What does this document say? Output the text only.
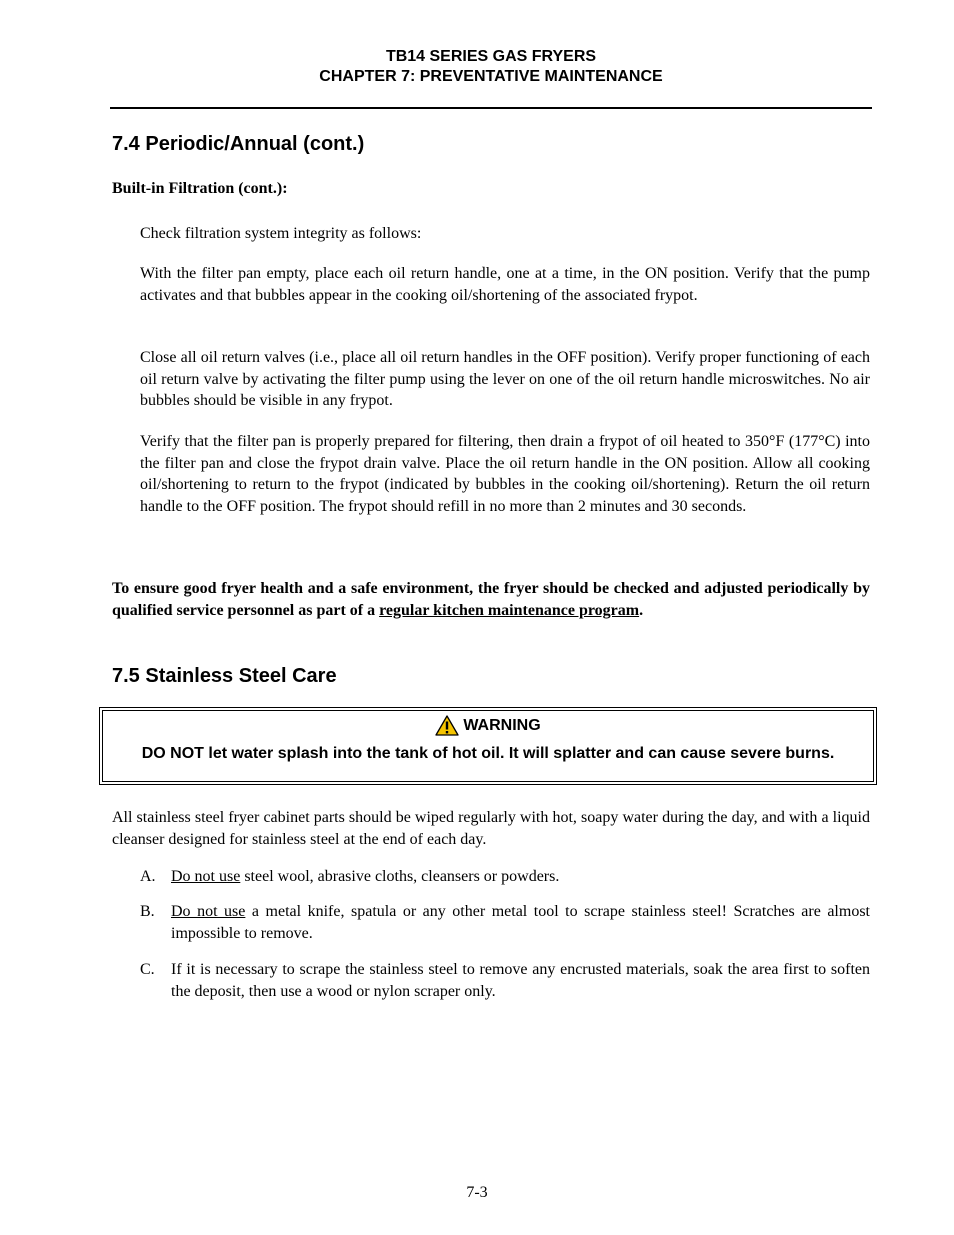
TB14 SERIES GAS FRYERS
CHAPTER 7: PREVENTATIVE MAINTENANCE
7.4 Periodic/Annual (cont.)
Built-in Filtration (cont.):

Check filtration system integrity as follows:

With the filter pan empty, place each oil return handle, one at a time, in the ON position. Verify that the pump activates and that bubbles appear in the cooking oil/shortening of the associated frypot.

Close all oil return valves (i.e., place all oil return handles in the OFF position). Verify proper functioning of each oil return valve by activating the filter pump using the lever on one of the oil return handle microswitches. No air bubbles should be visible in any frypot.

Verify that the filter pan is properly prepared for filtering, then drain a frypot of oil heated to 350°F (177°C) into the filter pan and close the frypot drain valve. Place the oil return handle in the ON position. Allow all cooking oil/shortening to return to the frypot (indicated by bubbles in the cooking oil/shortening). Return the oil return handle to the OFF position. The frypot should refill in no more than 2 minutes and 30 seconds.

To ensure good fryer health and a safe environment, the fryer should be checked and adjusted periodically by qualified service personnel as part of a regular kitchen maintenance program.

7.5 Stainless Steel Care
WARNING
DO NOT let water splash into the tank of hot oil. It will splatter and can cause severe burns.

All stainless steel fryer cabinet parts should be wiped regularly with hot, soapy water during the day, and with a liquid cleanser designed for stainless steel at the end of each day.

A. Do not use steel wool, abrasive cloths, cleansers or powders.
B.	Do not use a metal knife, spatula or any other metal tool to scrape stainless steel! Scratches are almost impossible to remove.
C.	If it is necessary to scrape the stainless steel to remove any encrusted materials, soak the area first to soften the deposit, then use a wood or nylon scraper only.
7-3
